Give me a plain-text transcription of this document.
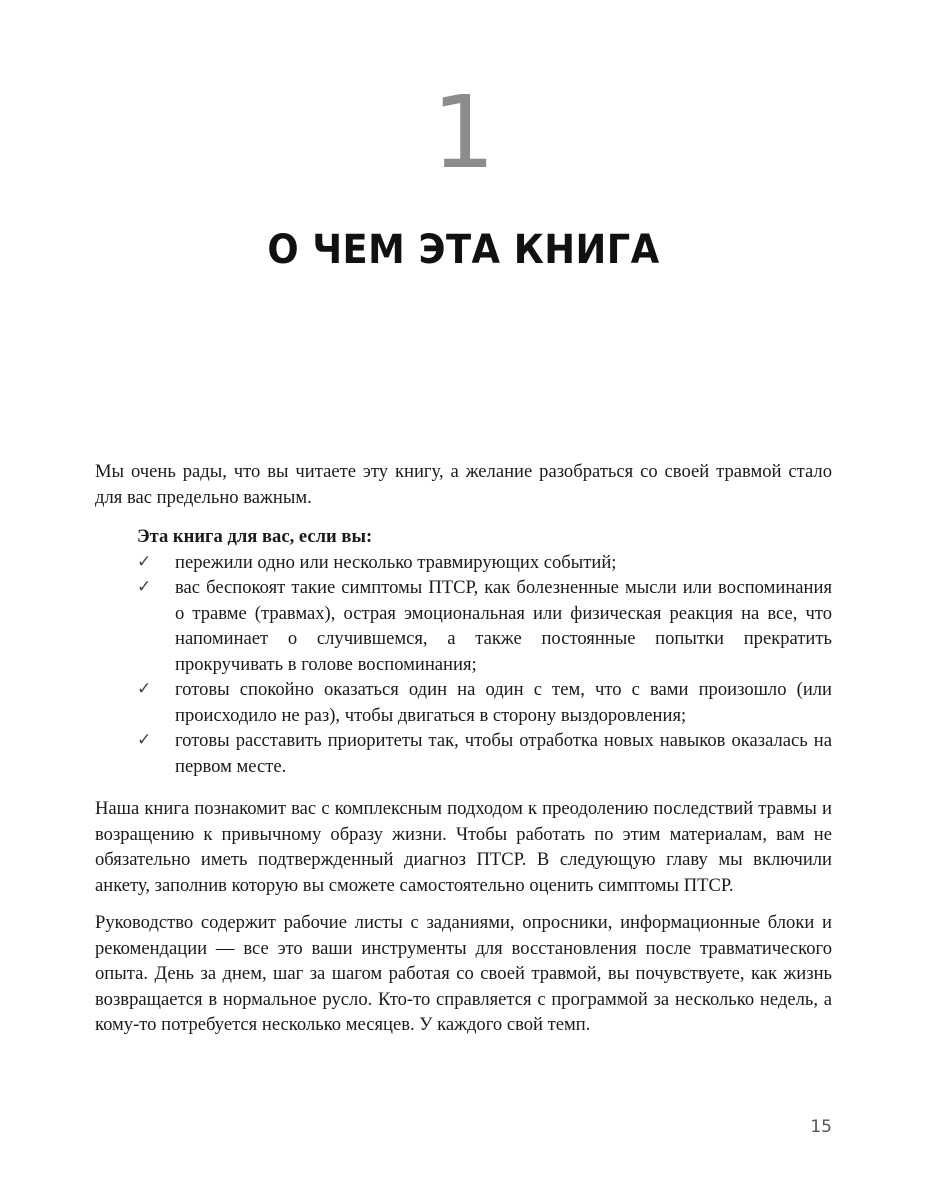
1
О ЧЕМ ЭТА КНИГА

Мы очень рады, что вы читаете эту книгу, а желание разобраться со своей травмой стало для вас предельно важным.

Эта книга для вас, если вы:

✓	пережили одно или несколько травмирующих событий;
✓	вас беспокоят такие симптомы ПТСР, как болезненные мысли или воспоминания о травме (травмах), острая эмоциональная или физическая реакция на все, что напоминает о случившемся, а также постоянные попытки прекратить прокручивать в голове воспоминания;
✓	готовы спокойно оказаться один на один с тем, что с вами произошло (или происходило не раз), чтобы двигаться в сторону выздоровления;
✓	готовы расставить приоритеты так, чтобы отработка новых навыков оказалась на первом месте.

Наша книга познакомит вас с комплексным подходом к преодолению последствий травмы и возращению к привычному образу жизни. Чтобы работать по этим материалам, вам не обязательно иметь подтвержденный диагноз ПТСР. В следующую главу мы включили анкету, заполнив которую вы сможете самостоятельно оценить симптомы ПТСР.

Руководство содержит рабочие листы с заданиями, опросники, информационные блоки и рекомендации — все это ваши инструменты для восстановления после травматического опыта. День за днем, шаг за шагом работая со своей травмой, вы почувствуете, как жизнь возвращается в нормальное русло. Кто-то справляется с программой за несколько недель, а кому-то потребуется несколько месяцев. У каждого свой темп.

15
